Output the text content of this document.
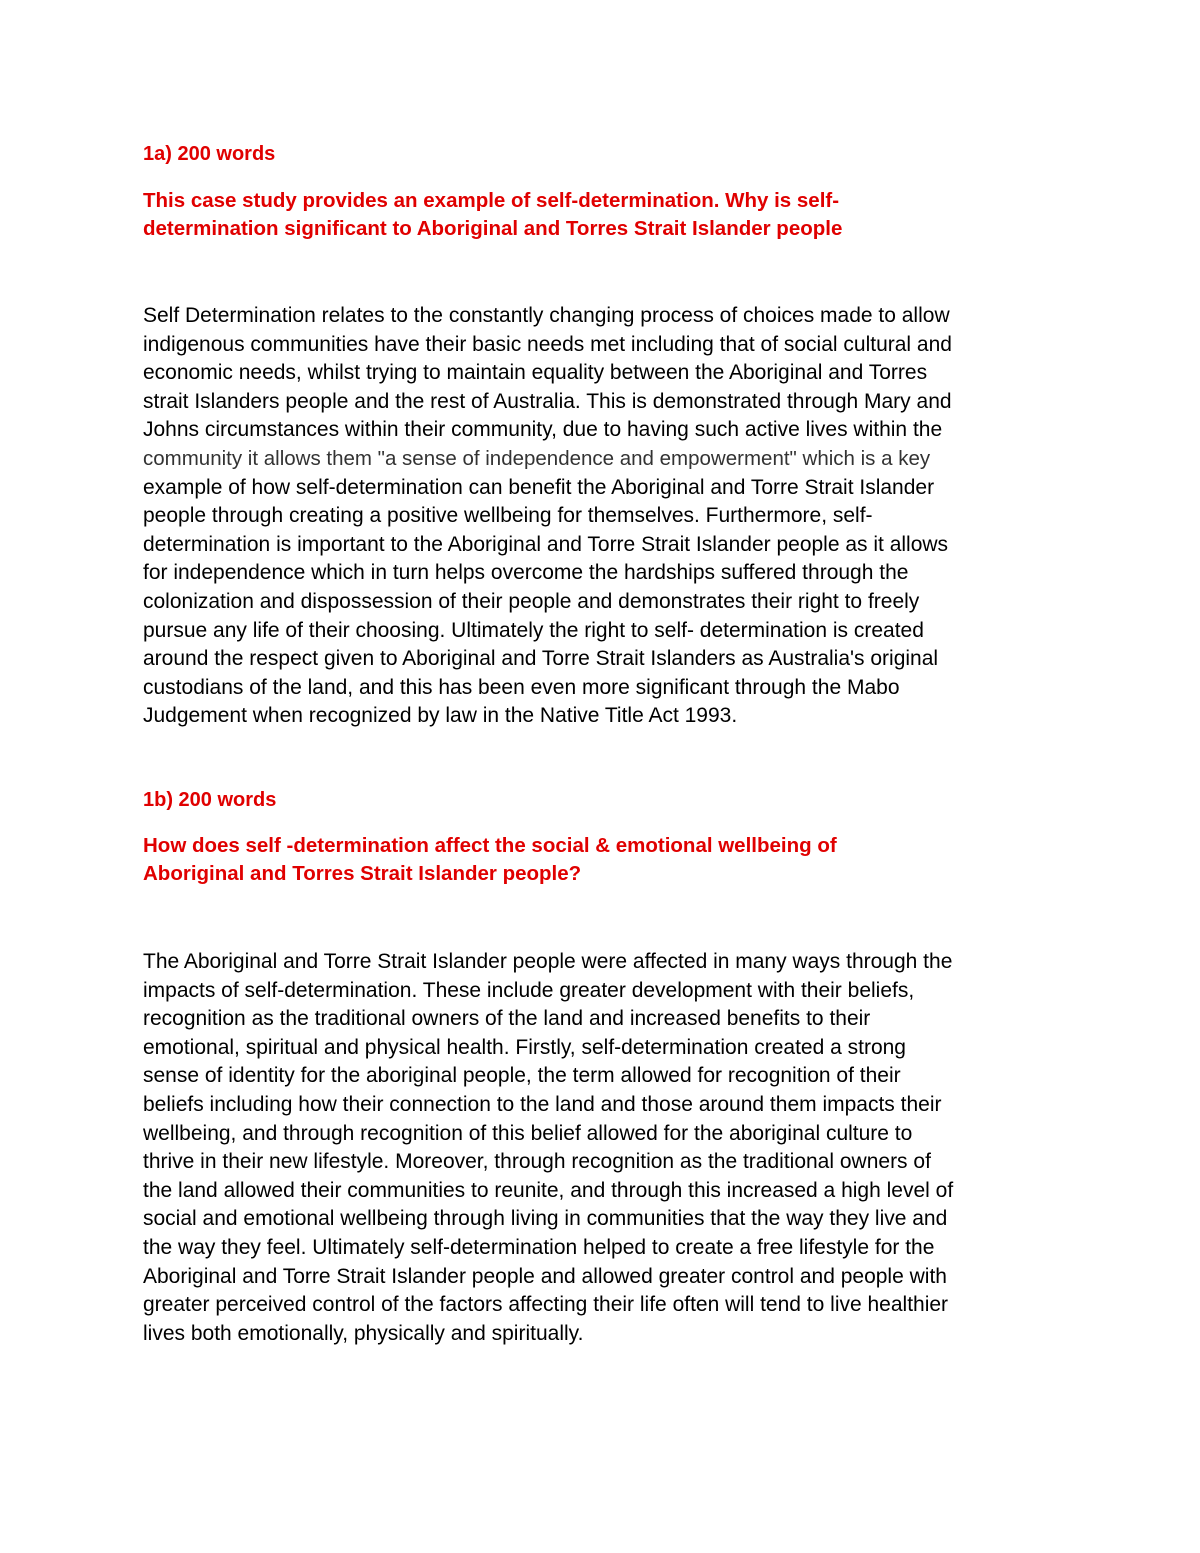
1a) 200 words

This case study provides an example of self-determination. Why is self-
determination significant to Aboriginal and Torres Strait Islander people

Self Determination relates to the constantly changing process of choices made to allow
indigenous communities have their basic needs met including that of social cultural and
economic needs, whilst trying to maintain equality between the Aboriginal and Torres
strait Islanders people and the rest of Australia. This is demonstrated through Mary and
Johns circumstances within their community, due to having such active lives within the
community it allows them "a sense of independence and empowerment" which is a key
example of how self-determination can benefit the Aboriginal and Torre Strait Islander
people through creating a positive wellbeing for themselves. Furthermore, self-
determination is important to the Aboriginal and Torre Strait Islander people as it allows
for independence which in turn helps overcome the hardships suffered through the
colonization and dispossession of their people and demonstrates their right to freely
pursue any life of their choosing. Ultimately the right to self- determination is created
around the respect given to Aboriginal and Torre Strait Islanders as Australia's original
custodians of the land, and this has been even more significant through the Mabo
Judgement when recognized by law in the Native Title Act 1993.

1b) 200 words

How does self -determination affect the social & emotional wellbeing of
Aboriginal and Torres Strait Islander people?

The Aboriginal and Torre Strait Islander people were affected in many ways through the
impacts of self-determination. These include greater development with their beliefs,
recognition as the traditional owners of the land and increased benefits to their
emotional, spiritual and physical health. Firstly, self-determination created a strong
sense of identity for the aboriginal people, the term allowed for recognition of their
beliefs including how their connection to the land and those around them impacts their
wellbeing, and through recognition of this belief allowed for the aboriginal culture to
thrive in their new lifestyle. Moreover, through recognition as the traditional owners of
the land allowed their communities to reunite, and through this increased a high level of
social and emotional wellbeing through living in communities that the way they live and
the way they feel. Ultimately self-determination helped to create a free lifestyle for the
Aboriginal and Torre Strait Islander people and allowed greater control and people with
greater perceived control of the factors affecting their life often will tend to live healthier
lives both emotionally, physically and spiritually.
